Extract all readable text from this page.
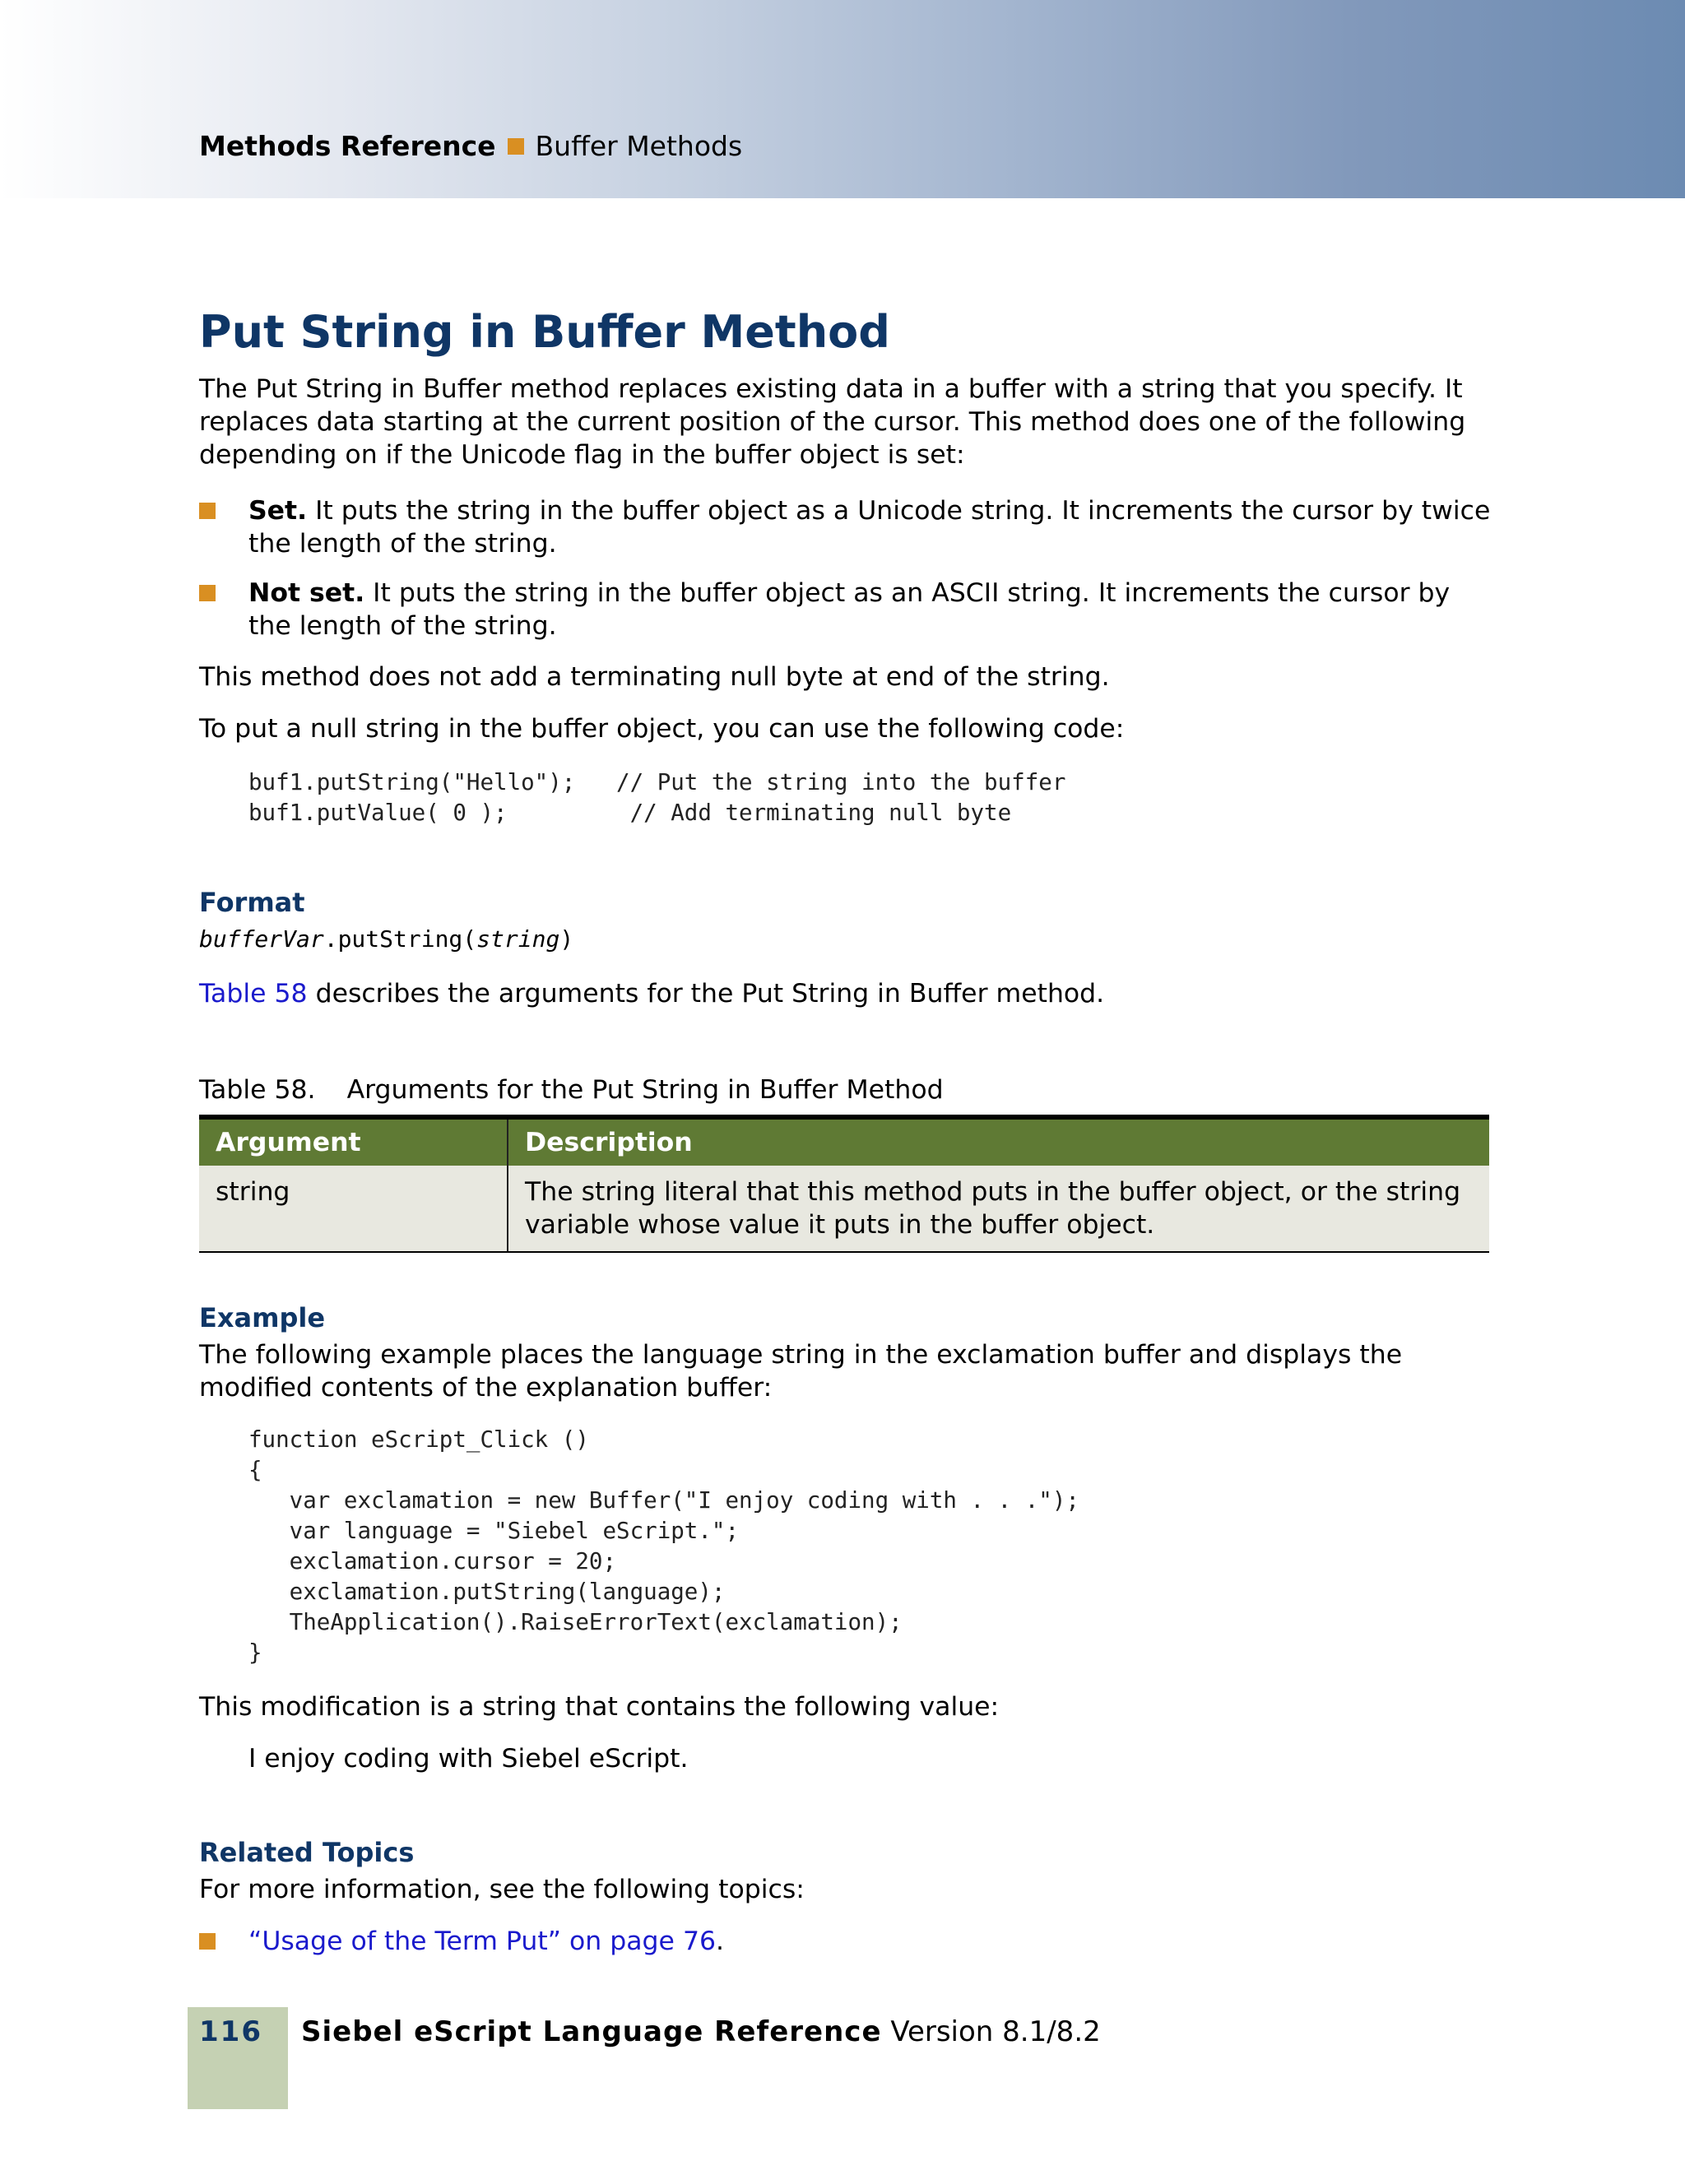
Methods Reference Buffer Methods
Put String in Buffer Method

The Put String in Buffer method replaces existing data in a buffer with a string that you specify. It replaces data starting at the current position of the cursor. This method does one of the following depending on if the Unicode flag in the buffer object is set:

Set. It puts the string in the buffer object as a Unicode string. It increments the cursor by twice the length of the string.
Not set. It puts the string in the buffer object as an ASCII string. It increments the cursor by the length of the string.

This method does not add a terminating null byte at end of the string.

To put a null string in the buffer object, you can use the following code:

buf1.putString("Hello");   // Put the string into the buffer
buf1.putValue( 0 );         // Add terminating null byte
Format
bufferVar.putString(string)

Table 58 describes the arguments for the Put String in Buffer method.

Table 58. Arguments for the Put String in Buffer Method
Argument	Description
string	The string literal that this method puts in the buffer object, or the string variable whose value it puts in the buffer object.
Example

The following example places the language string in the exclamation buffer and displays the modified contents of the explanation buffer:

function eScript_Click ()
{
var exclamation = new Buffer("I enjoy coding with . . .");
var language = "Siebel eScript.";
exclamation.cursor = 20;
exclamation.putString(language);
TheApplication().RaiseErrorText(exclamation);
}

This modification is a string that contains the following value:

I enjoy coding with Siebel eScript.

Related Topics

For more information, see the following topics:

“Usage of the Term Put” on page 76.
116 Siebel eScript Language Reference Version 8.1/8.2
